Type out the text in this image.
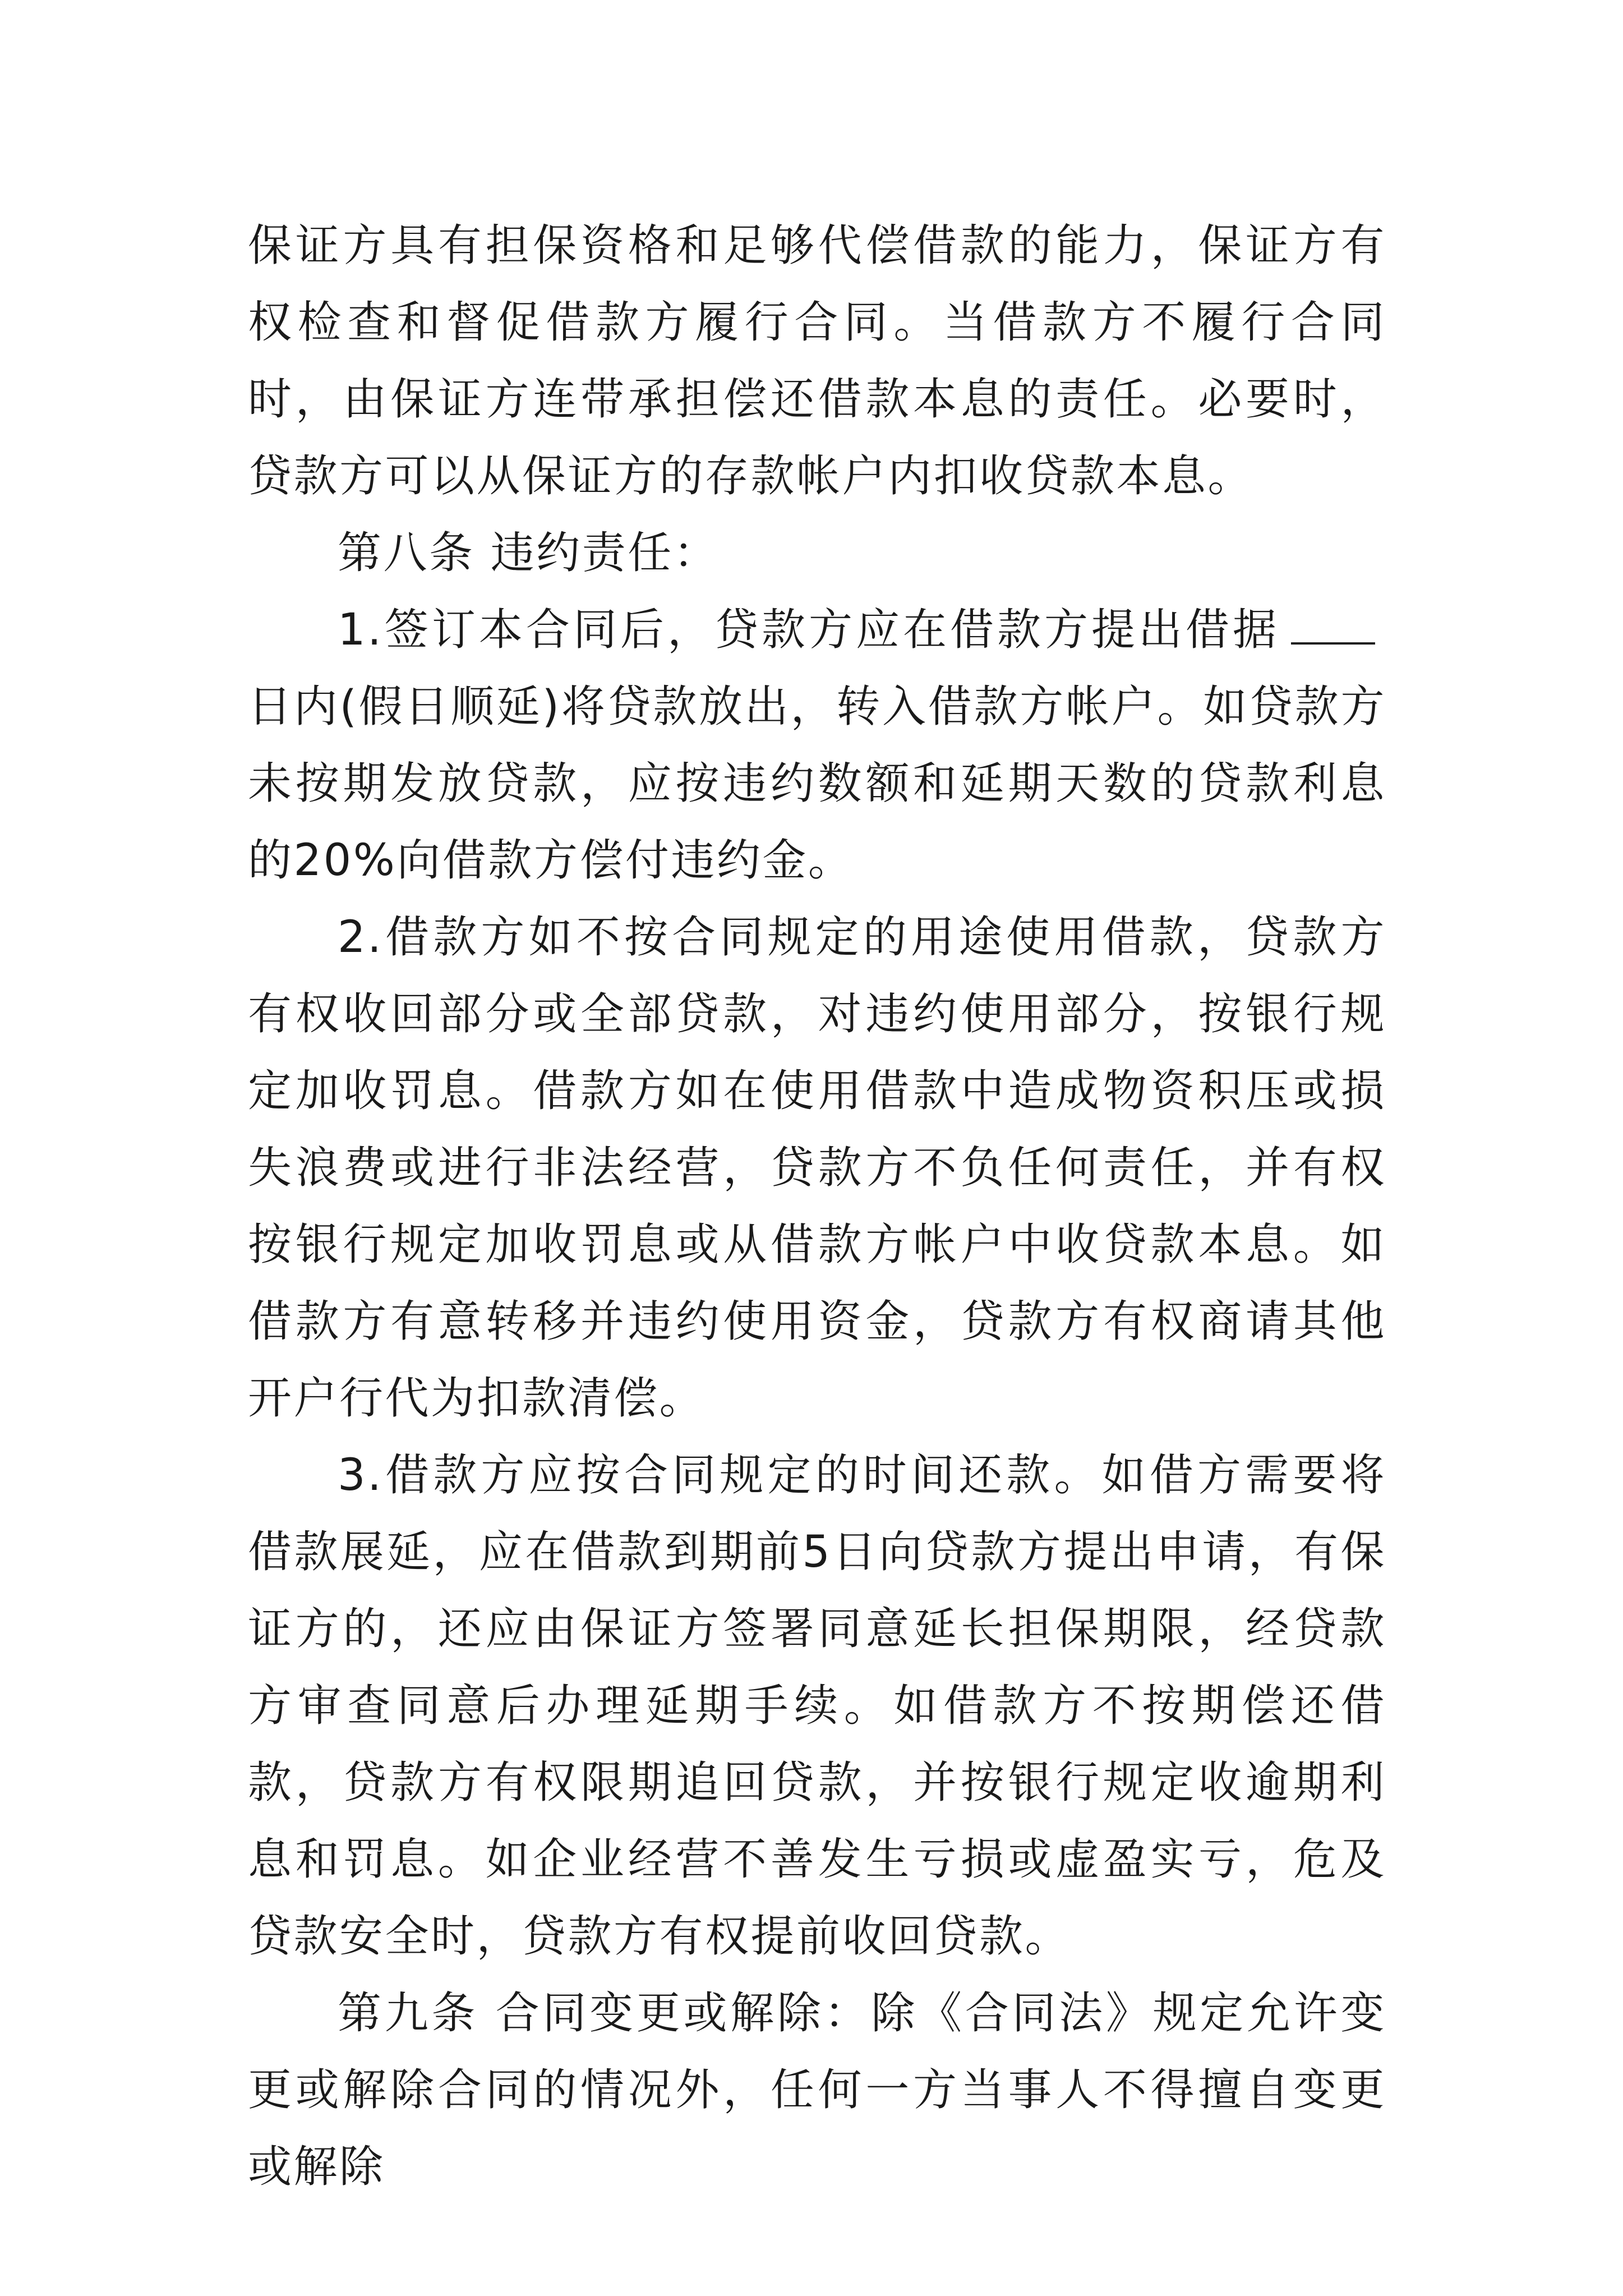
保证方具有担保资格和足够代偿借款的能力，保证方有权检查和督促借款方履行合同。当借款方不履行合同时，由保证方连带承担偿还借款本息的责任。必要时，贷款方可以从保证方的存款帐户内扣收贷款本息。

第八条 违约责任：

1.签订本合同后，贷款方应在借款方提出借据日内(假日顺延)将贷款放出，转入借款方帐户。如贷款方未按期发放贷款，应按违约数额和延期天数的贷款利息的20%向借款方偿付违约金。

2.借款方如不按合同规定的用途使用借款，贷款方有权收回部分或全部贷款，对违约使用部分，按银行规定加收罚息。借款方如在使用借款中造成物资积压或损失浪费或进行非法经营，贷款方不负任何责任，并有权按银行规定加收罚息或从借款方帐户中收贷款本息。如借款方有意转移并违约使用资金，贷款方有权商请其他开户行代为扣款清偿。

3.借款方应按合同规定的时间还款。如借方需要将借款展延，应在借款到期前5日向贷款方提出申请，有保证方的，还应由保证方签署同意延长担保期限，经贷款方审查同意后办理延期手续。如借款方不按期偿还借款，贷款方有权限期追回贷款，并按银行规定收逾期利息和罚息。如企业经营不善发生亏损或虚盈实亏，危及贷款安全时，贷款方有权提前收回贷款。

第九条 合同变更或解除：除《合同法》规定允许变更或解除合同的情况外，任何一方当事人不得擅自变更或解除
